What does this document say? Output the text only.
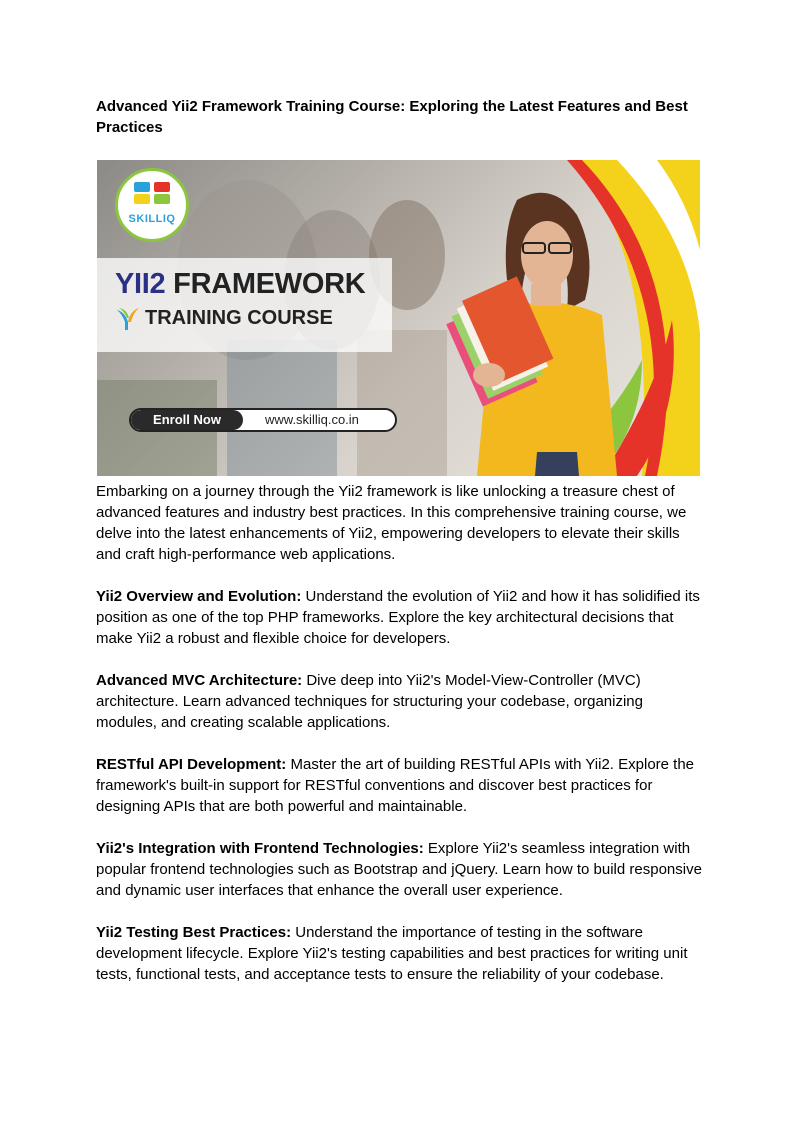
Advanced Yii2 Framework Training Course: Exploring the Latest Features and Best Practices
SKILLIQ
YII2 FRAMEWORK
TRAINING COURSE
Enroll Now	www.skilliq.co.in

Embarking on a journey through the Yii2 framework is like unlocking a treasure chest of advanced features and industry best practices. In this comprehensive training course, we delve into the latest enhancements of Yii2, empowering developers to elevate their skills and craft high-performance web applications.

Yii2 Overview and Evolution: Understand the evolution of Yii2 and how it has solidified its position as one of the top PHP frameworks. Explore the key architectural decisions that make Yii2 a robust and flexible choice for developers.

Advanced MVC Architecture: Dive deep into Yii2's Model-View-Controller (MVC) architecture. Learn advanced techniques for structuring your codebase, organizing modules, and creating scalable applications.

RESTful API Development: Master the art of building RESTful APIs with Yii2. Explore the framework's built-in support for RESTful conventions and discover best practices for designing APIs that are both powerful and maintainable.

Yii2's Integration with Frontend Technologies: Explore Yii2's seamless integration with popular frontend technologies such as Bootstrap and jQuery. Learn how to build responsive and dynamic user interfaces that enhance the overall user experience.

Yii2 Testing Best Practices: Understand the importance of testing in the software development lifecycle. Explore Yii2's testing capabilities and best practices for writing unit tests, functional tests, and acceptance tests to ensure the reliability of your codebase.
